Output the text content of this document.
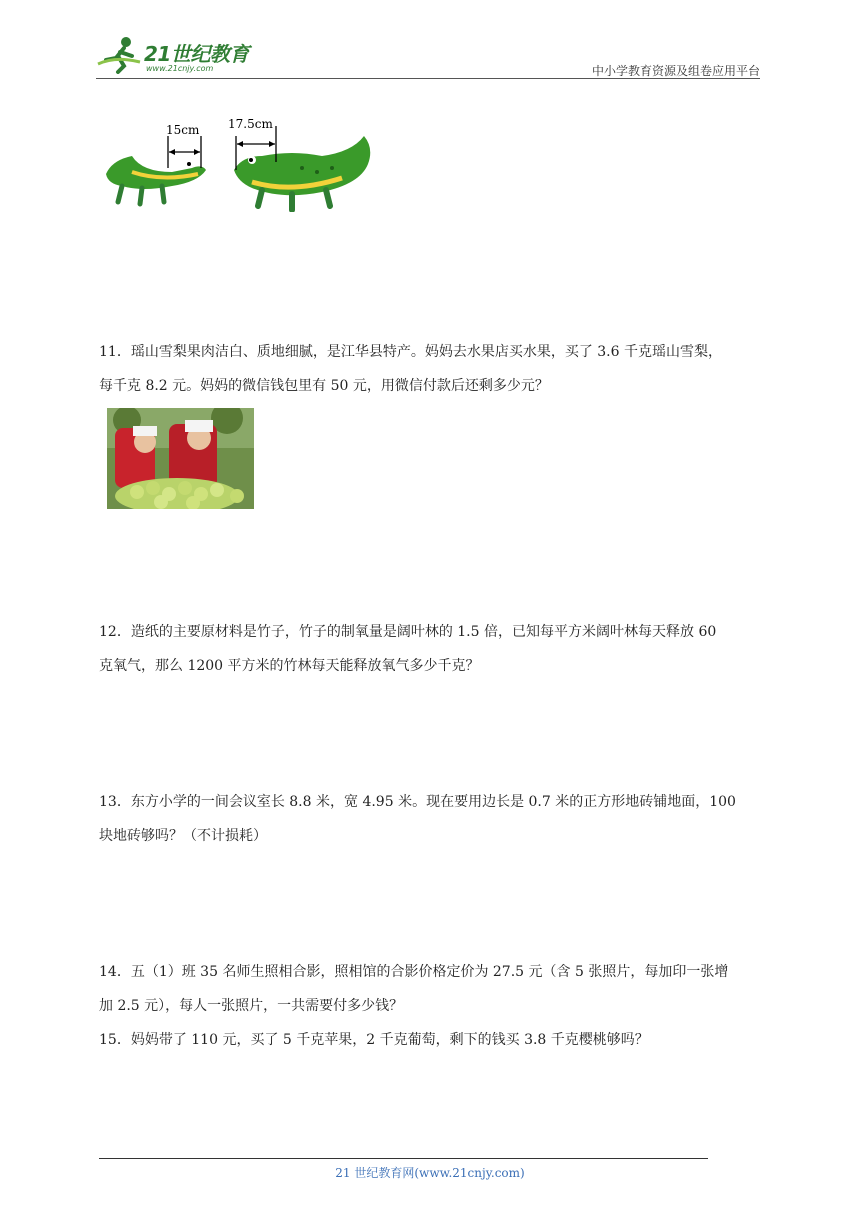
21世纪教育
www.21cnjy.com	中小学教育资源及组卷应用平台
15cm 17.5cm

11．瑶山雪梨果肉洁白、质地细腻，是江华县特产。妈妈去水果店买水果，买了 3.6 千克瑶山雪梨，

每千克 8.2 元。妈妈的微信钱包里有 50 元，用微信付款后还剩多少元？

12．造纸的主要原材料是竹子，竹子的制氧量是阔叶林的 1.5 倍，已知每平方米阔叶林每天释放 60

克氧气，那么 1200 平方米的竹林每天能释放氧气多少千克？

13．东方小学的一间会议室长 8.8 米，宽 4.95 米。现在要用边长是 0.7 米的正方形地砖铺地面，100

块地砖够吗？（不计损耗）

14．五（1）班 35 名师生照相合影，照相馆的合影价格定价为 27.5 元（含 5 张照片，每加印一张增

加 2.5 元），每人一张照片，一共需要付多少钱？

15．妈妈带了 110 元，买了 5 千克苹果，2 千克葡萄，剩下的钱买 3.8 千克樱桃够吗？

21 世纪教育网(www.21cnjy.com)
